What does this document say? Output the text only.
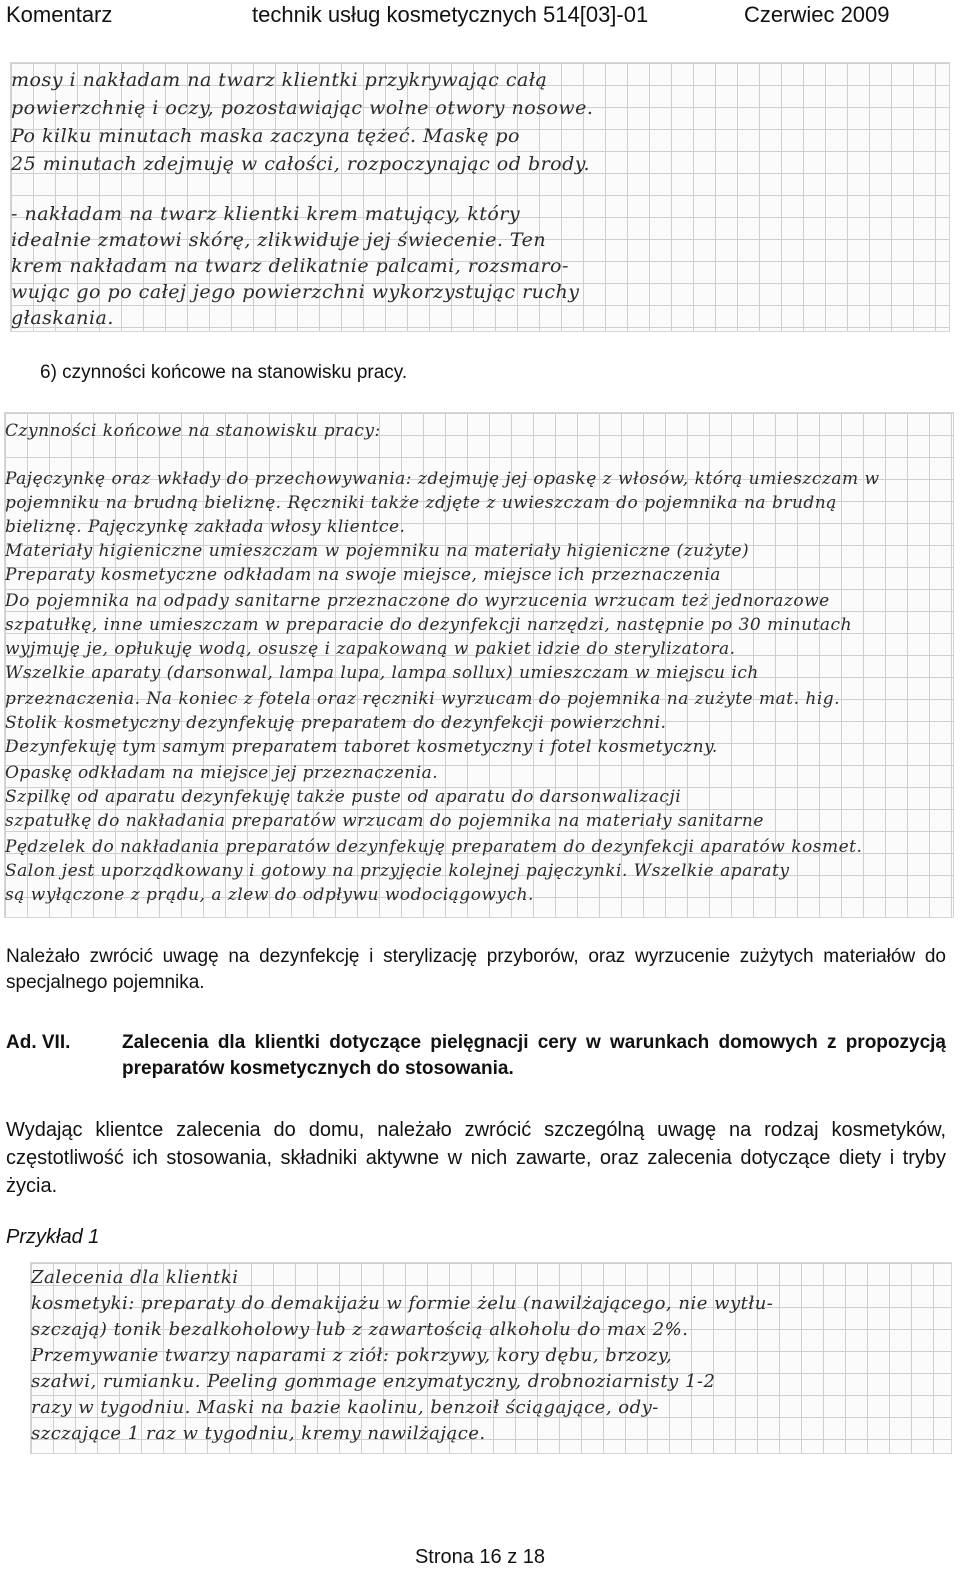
Komentarz	technik usług kosmetycznych 514[03]-01	Czerwiec 2009
mosy i nakładam na twarz klientki przykrywając całą
powierzchnię i oczy, pozostawiając wolne otwory nosowe.
Po kilku minutach maska zaczyna tężeć. Maskę po
25 minutach zdejmuję w całości, rozpoczynając od brody.
- nakładam na twarz klientki krem matujący, który
idealnie zmatowi skórę, zlikwiduje jej świecenie. Ten
krem nakładam na twarz delikatnie palcami, rozsmaro-
wując go po całej jego powierzchni wykorzystując ruchy
głaskania.
6) czynności końcowe na stanowisku pracy.
Czynności końcowe na stanowisku pracy:
Pajęczynkę oraz wkłady do przechowywania: zdejmuję jej opaskę z włosów, którą umieszczam w
pojemniku na brudną bieliznę. Ręczniki także zdjęte z uwieszczam do pojemnika na brudną
bieliznę. Pajęczynkę zakłada włosy klientce.
Materiały higieniczne umieszczam w pojemniku na materiały higieniczne (zużyte)
Preparaty kosmetyczne odkładam na swoje miejsce, miejsce ich przeznaczenia
Do pojemnika na odpady sanitarne przeznaczone do wyrzucenia wrzucam też jednorazowe
szpatułkę, inne umieszczam w preparacie do dezynfekcji narzędzi, następnie po 30 minutach
wyjmuję je, opłukuję wodą, osuszę i zapakowaną w pakiet idzie do sterylizatora.
Wszelkie aparaty (darsonwal, lampa lupa, lampa sollux) umieszczam w miejscu ich
przeznaczenia. Na koniec z fotela oraz ręczniki wyrzucam do pojemnika na zużyte mat. hig.
Stolik kosmetyczny dezynfekuję preparatem do dezynfekcji powierzchni.
Dezynfekuję tym samym preparatem taboret kosmetyczny i fotel kosmetyczny.
Opaskę odkładam na miejsce jej przeznaczenia.
Szpilkę od aparatu dezynfekuję także puste od aparatu do darsonwalizacji
szpatułkę do nakładania preparatów wrzucam do pojemnika na materiały sanitarne
Pędzelek do nakładania preparatów dezynfekuję preparatem do dezynfekcji aparatów kosmet.
Salon jest uporządkowany i gotowy na przyjęcie kolejnej pajęczynki. Wszelkie aparaty
są wyłączone z prądu, a zlew do odpływu wodociągowych.
Należało zwrócić uwagę na dezynfekcję i sterylizację przyborów, oraz wyrzucenie zużytych materiałów do specjalnego pojemnika.
Ad. VII.	Zalecenia dla klientki dotyczące pielęgnacji cery w warunkach domowych z propozycją preparatów kosmetycznych do stosowania.
Wydając klientce zalecenia do domu, należało zwrócić szczególną uwagę na rodzaj kosmetyków, częstotliwość ich stosowania, składniki aktywne w nich zawarte, oraz zalecenia dotyczące diety i tryby życia.
Przykład 1
Zalecenia dla klientki
kosmetyki: preparaty do demakijażu w formie żelu (nawilżającego, nie wytłu-
szczają) tonik bezalkoholowy lub z zawartością alkoholu do max 2%.
Przemywanie twarzy naparami z ziół: pokrzywy, kory dębu, brzozy,
szałwi, rumianku. Peeling gommage enzymatyczny, drobnoziarnisty 1-2
razy w tygodniu. Maski na bazie kaolinu, benzoił ściągające, ody-
szczające 1 raz w tygodniu, kremy nawilżające.
Strona 16 z 18
